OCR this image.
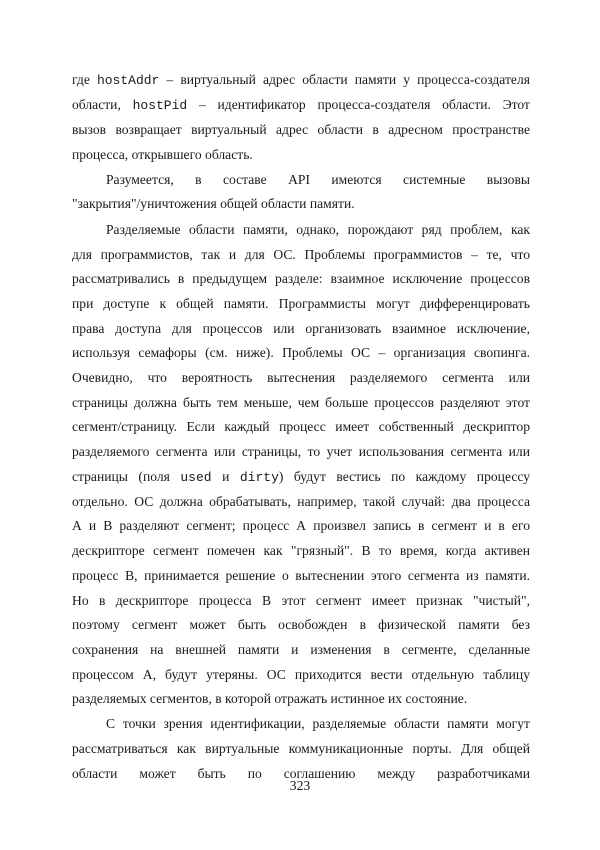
где hostAddr – виртуальный адрес области памяти у процесса-создателя
области, hostPid – идентификатор процесса-создателя области. Этот
вызов возвращает виртуальный адрес области в адресном пространстве
процесса, открывшего область.
Разумеется, в составе API имеются системные вызовы
"закрытия"/уничтожения общей области памяти.
Разделяемые области памяти, однако, порождают ряд проблем, как
для программистов, так и для ОС. Проблемы программистов – те, что
рассматривались в предыдущем разделе: взаимное исключение процессов
при доступе к общей памяти. Программисты могут дифференцировать
права доступа для процессов или организовать взаимное исключение,
используя семафоры (см. ниже). Проблемы ОС – организация свопинга.
Очевидно, что вероятность вытеснения разделяемого сегмента или
страницы должна быть тем меньше, чем больше процессов разделяют этот
сегмент/страницу. Если каждый процесс имеет собственный дескриптор
разделяемого сегмента или страницы, то учет использования сегмента или
страницы (поля used и dirty) будут вестись по каждому процессу
отдельно. ОС должна обрабатывать, например, такой случай: два процесса
А и В разделяют сегмент; процесс А произвел запись в сегмент и в его
дескрипторе сегмент помечен как "грязный". В то время, когда активен
процесс В, принимается решение о вытеснении этого сегмента из памяти.
Но в дескрипторе процесса В этот сегмент имеет признак "чистый",
поэтому сегмент может быть освобожден в физической памяти без
сохранения на внешней памяти и изменения в сегменте, сделанные
процессом А, будут утеряны. ОС приходится вести отдельную таблицу
разделяемых сегментов, в которой отражать истинное их состояние.
С точки зрения идентификации, разделяемые области памяти могут
рассматриваться как виртуальные коммуникационные порты. Для общей
области может быть по соглашению между разработчиками
323
